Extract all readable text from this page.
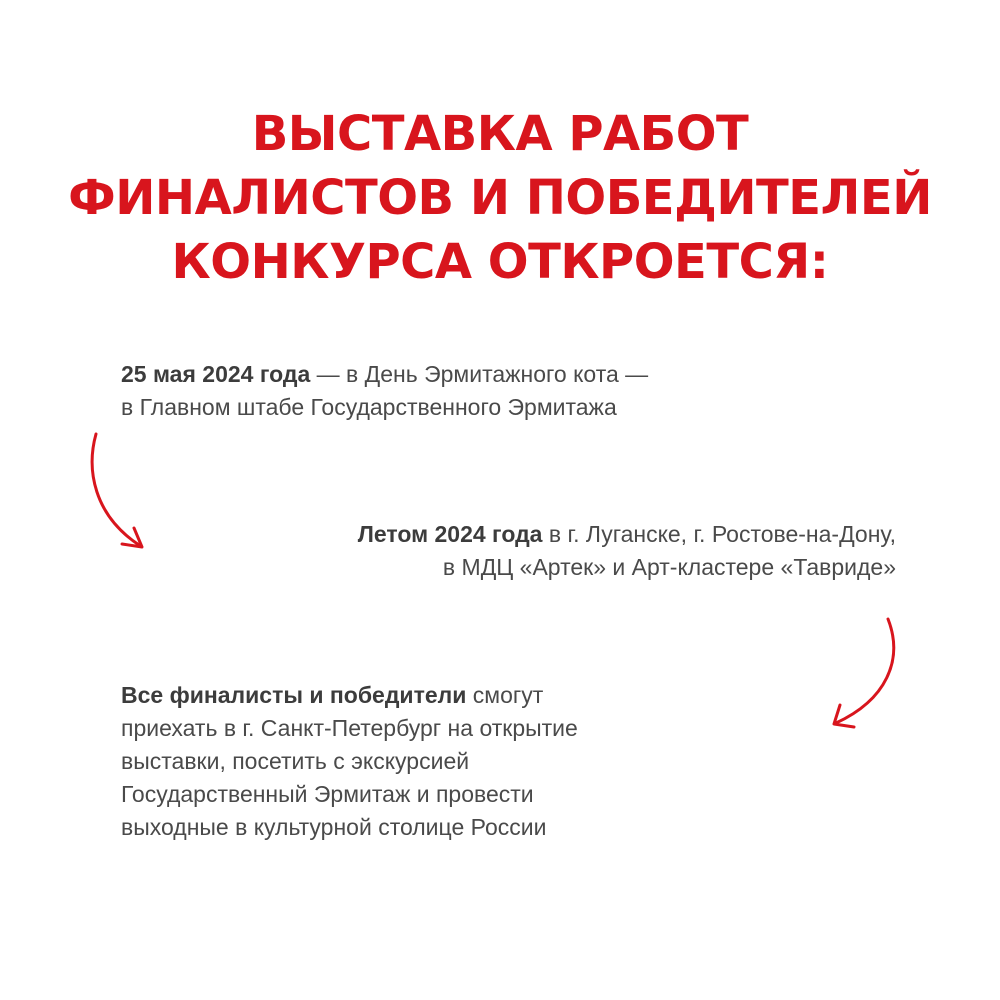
ВЫСТАВКА РАБОТ
ФИНАЛИСТОВ И ПОБЕДИТЕЛЕЙ
КОНКУРСА ОТКРОЕТСЯ:
25 мая 2024 года — в День Эрмитажного кота —
в Главном штабе Государственного Эрмитажа
Летом 2024 года в г. Луганске, г. Ростове-на-Дону,
в МДЦ «Артек» и Арт-кластере «Тавриде»
Все финалисты и победители смогут
приехать в г. Санкт-Петербург на открытие
выставки, посетить с экскурсией
Государственный Эрмитаж и провести
выходные в культурной столице России
